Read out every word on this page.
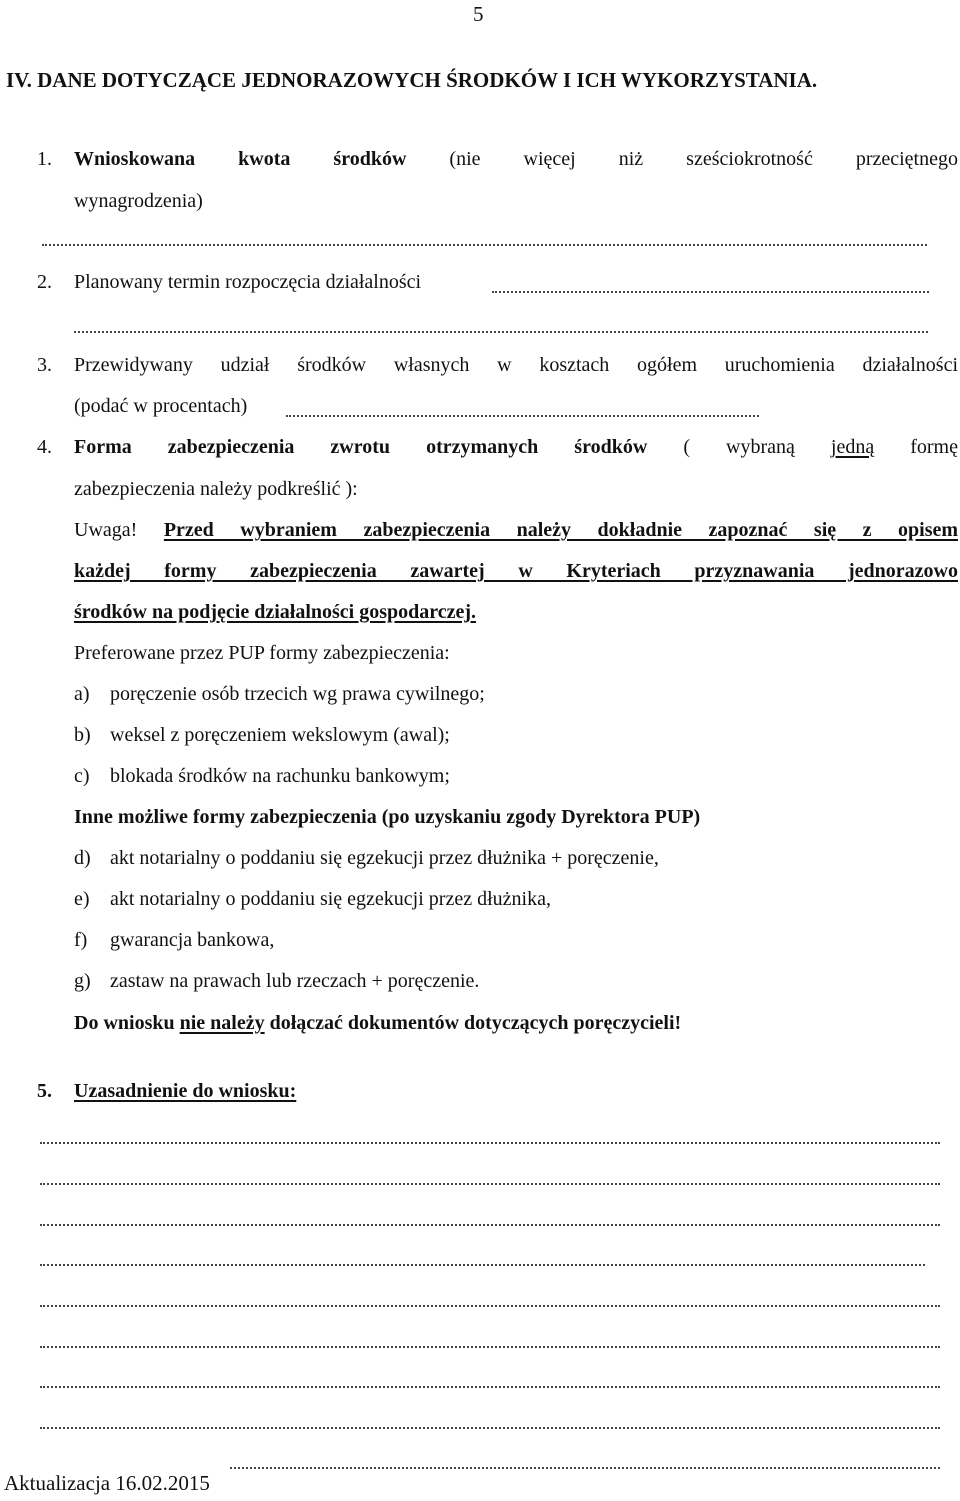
5
IV. DANE DOTYCZĄCE JEDNORAZOWYCH ŚRODKÓW I ICH WYKORZYSTANIA.
1. Wnioskowana kwota środków (nie więcej niż sześciokrotność przeciętnego
wynagrodzenia)
2. Planowany termin rozpoczęcia działalności
3. Przewidywany udział środków własnych w kosztach ogółem uruchomienia działalności
(podać w procentach)
4. Forma zabezpieczenia zwrotu otrzymanych środków ( wybraną jedną formę
zabezpieczenia należy podkreślić ):
Uwaga! Przed wybraniem zabezpieczenia należy dokładnie zapoznać się z opisem
każdej formy zabezpieczenia zawartej w Kryteriach przyznawania jednorazowo
środków na podjęcie działalności gospodarczej.
Preferowane przez PUP formy zabezpieczenia:
a) poręczenie osób trzecich wg prawa cywilnego;
b) weksel z poręczeniem wekslowym (awal);
c) blokada środków na rachunku bankowym;
Inne możliwe formy zabezpieczenia (po uzyskaniu zgody Dyrektora PUP)
d) akt notarialny o poddaniu się egzekucji przez dłużnika + poręczenie,
e) akt notarialny o poddaniu się egzekucji przez dłużnika,
f) gwarancja bankowa,
g) zastaw na prawach lub rzeczach + poręczenie.
Do wniosku nie należy dołączać dokumentów dotyczących poręczycieli!
5. Uzasadnienie do wniosku:
Aktualizacja 16.02.2015
